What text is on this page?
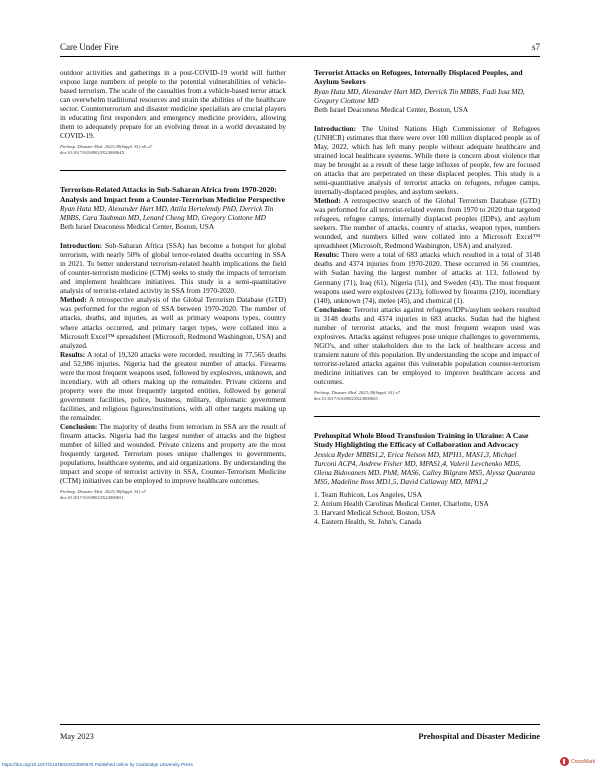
Care Under Fire	s7

outdoor activities and gatherings in a post-COVID-19 world will further expose large numbers of people to the potential vulnerabilities of vehicle-based terrorism. The scale of the casualties from a vehicle-based terror attack can overwhelm traditional resources and strain the abilities of the healthcare sector. Counterterrorism and disaster medicine specialists are crucial players in educating first responders and emergency medicine providers, allowing them to adequately prepare for an evolving threat in a world devastated by COVID-19.

Prehosp. Disaster Med. 2023;38(Suppl. S1):s6–s7

doi:10.1017/S1049023X2300064X

Terrorism-Related Attacks in Sub-Saharan Africa from 1970-2020: Analysis and Impact from a Counter-Terrorism Medicine Perspective

Ryan Hata MD, Alexander Hart MD, Attila Hertelendy PhD, Derrick Tin MBBS, Cara Taubman MD, Lenard Cheng MD, Gregory Ciottone MD

Beth Israel Deaconess Medical Center, Boston, USA

Introduction: Sub-Saharan Africa (SSA) has become a hotspot for global terrorism, with nearly 50% of global terror-related deaths occurring in SSA in 2021. To better understand terrorism-related health implications the field of counter-terrorism medicine (CTM) seeks to study the impacts of terrorism and implement healthcare initiatives. This study is a semi-quantitative analysis of terrorist-related activity in SSA from 1970-2020.

Method: A retrospective analysis of the Global Terrorism Database (GTD) was performed for the region of SSA between 1970-2020. The number of attacks, deaths, and injuries, as well as primary weapons types, country where attacks occurred, and primary target types, were collated into a Microsoft Excel™ spreadsheet (Microsoft, Redmond Washington, USA) and analyzed.

Results: A total of 19,320 attacks were recorded, resulting in 77,565 deaths and 52,986 injuries. Nigeria had the greatest number of attacks. Firearms were the most frequent weapons used, followed by explosives, unknown, and incendiary, with all others making up the remainder. Private citizens and property were the most frequently targeted entities, followed by general government facilities, police, business, military, diplomatic government facilities, and religious figures/institutions, with all other targets making up the remainder.

Conclusion: The majority of deaths from terrorism in SSA are the result of firearm attacks. Nigeria had the largest number of attacks and the highest number of killed and wounded. Private citizens and property are the most frequently targeted. Terrorism poses unique challenges to governments, populations, healthcare systems, and aid organizations. By understanding the impact and scope of terrorist activity in SSA, Counter-Terrorism Medicine (CTM) initiatives can be employed to improve healthcare outcomes.

Prehosp. Disaster Med. 2023;38(Suppl. S1):s7

doi:10.1017/S1049023X23000651

Terrorist Attacks on Refugees, Internally Displaced Peoples, and Asylum Seekers

Ryan Hata MD, Alexander Hart MD, Derrick Tin MBBS, Fadi Issa MD, Gregory Ciottone MD

Beth Israel Deaconess Medical Center, Boston, USA

Introduction: The United Nations High Commissioner of Refugees (UNHCR) estimates that there were over 100 million displaced people as of May, 2022, which has left many people without adequate healthcare and strained local healthcare systems. While there is concern about violence that may be brought as a result of these large influxes of people, few are focused on attacks that are perpetrated on these displaced peoples. This study is a semi-quantitative analysis of terrorist attacks on refugees, refugee camps, internally-displaced peoples, and asylum seekers.

Method: A retrospective search of the Global Terrorism Database (GTD) was performed for all terrorist-related events from 1970 to 2020 that targeted refugees, refugee camps, internally displaced peoples (IDPs), and asylum seekers. The number of attacks, country of attacks, weapon types, numbers wounded, and numbers killed were collated into a Microsoft Excel™ spreadsheet (Microsoft, Redmond Washington, USA) and analyzed.

Results: There were a total of 683 attacks which resulted in a total of 3148 deaths and 4374 injuries from 1970-2020. These occurred in 56 countries, with Sudan having the largest number of attacks at 113, followed by Germany (71), Iraq (61), Nigeria (51), and Sweden (43). The most frequent weapons used were explosives (213), followed by firearms (210), incendiary (140), unknown (74), melee (45), and chemical (1).

Conclusion: Terrorist attacks against refugees/IDPs/asylum seekers resulted in 3148 deaths and 4374 injuries in 683 attacks. Sudan had the highest number of terrorist attacks, and the most frequent weapon used was explosives. Attacks against refugees pose unique challenges to governments, NGO's, and other stakeholders due to the lack of healthcare access and transient nature of this population. By understanding the scope and impact of terrorist-related attacks against this vulnerable population counter-terrorism medicine initiatives can be employed to improve healthcare access and outcomes.

Prehosp. Disaster Med. 2023;38(Suppl. S1):s7

doi:10.1017/S1049023X23000663

Prehospital Whole Blood Transfusion Training in Ukraine: A Case Study Highlighting the Efficacy of Collaboration and Advocacy

Jessica Ryder MBBS1,2, Erica Nelson MD, MPH1, MAS1,3, Michael Turconi ACP4, Andrew Fisher MD, MPAS1,4, Valerii Levchenko MD5, Olena Bidovanets MD, PhM, MAS6, Calley Bilgram MS5, Alyssa Quaranta MS5, Madeline Ross MD1,5, David Callaway MD, MPA1,2

1. Team Rubicon, Los Angeles, USA
2. Atrium Health Carolinas Medical Center, Charlotte, USA
3. Harvard Medical School, Boston, USA
4. Eastern Health, St. John's, Canada
May 2023	Prehospital and Disaster Medicine
https://doi.org/10.1017/S1049023X23000675 Published online by Cambridge University Press	CrossMark
